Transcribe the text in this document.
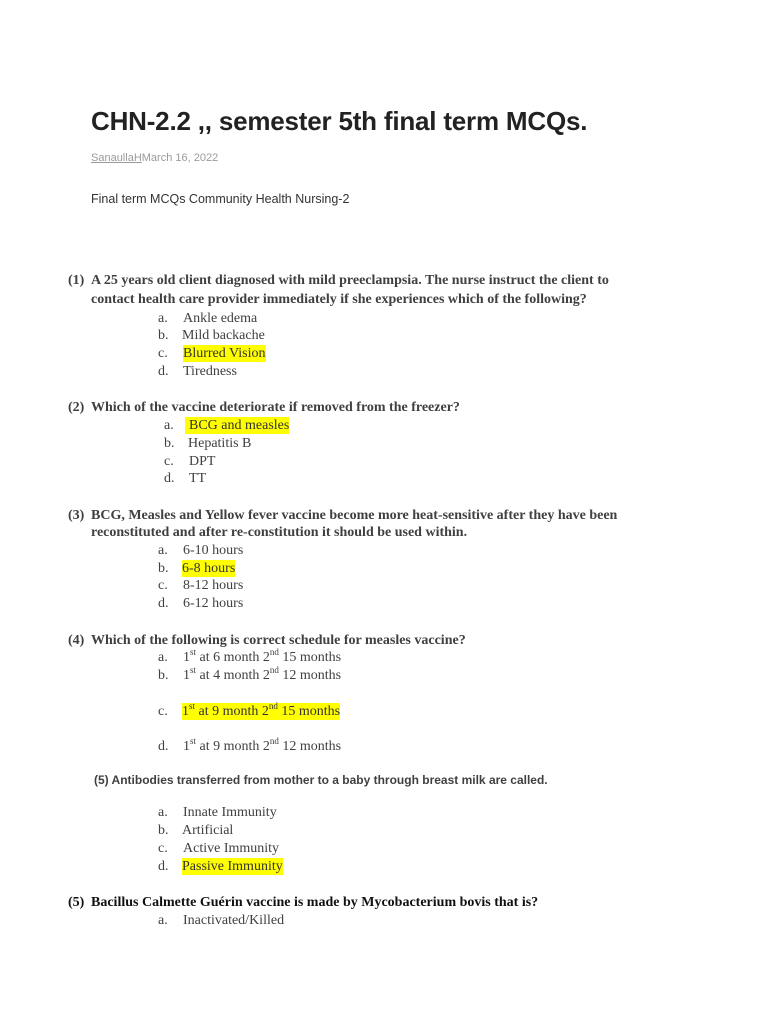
CHN-2.2 ,, semester 5th final term MCQs.
SanaullaHMarch 16, 2022
Final term MCQs Community Health Nursing-2
(1) A 25 years old client diagnosed with mild preeclampsia. The nurse instruct the client to
contact health care provider immediately if she experiences which of the following?
a. Ankle edema
b. Mild backache
c. Blurred Vision
d. Tiredness
(2) Which of the vaccine deteriorate if removed from the freezer?
a. BCG and measles
b. Hepatitis B
c. DPT
d. TT
(3) BCG, Measles and Yellow fever vaccine become more heat-sensitive after they have been
reconstituted and after re-constitution it should be used within.
a. 6-10 hours
b. 6-8 hours
c. 8-12 hours
d. 6-12 hours
(4) Which of the following is correct schedule for measles vaccine?
a. 1st at 6 month 2nd 15 months
b. 1st at 4 month 2nd 12 months
c. 1st at 9 month 2nd 15 months
d. 1st at 9 month 2nd 12 months
(5) Antibodies transferred from mother to a baby through breast milk are called.
a. Innate Immunity
b. Artificial
c. Active Immunity
d. Passive Immunity
(5) Bacillus Calmette Guérin vaccine is made by Mycobacterium bovis that is?
a. Inactivated/Killed
